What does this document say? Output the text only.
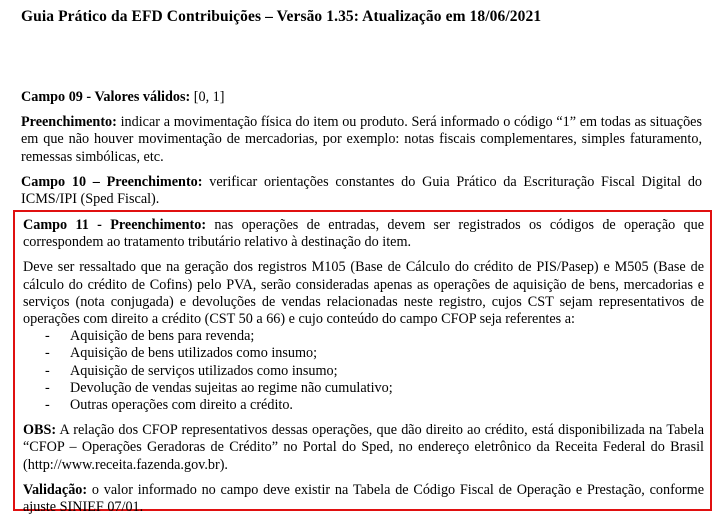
Guia Prático da EFD Contribuições – Versão 1.35: Atualização em 18/06/2021

Campo 09 - Valores válidos: [0, 1]

Preenchimento: indicar a movimentação física do item ou produto. Será informado o código “1” em todas as situações em que não houver movimentação de mercadorias, por exemplo: notas fiscais complementares, simples faturamento, remessas simbólicas, etc.

Campo 10 – Preenchimento: verificar orientações constantes do Guia Prático da Escrituração Fiscal Digital do ICMS/IPI (Sped Fiscal).

Campo 11 - Preenchimento: nas operações de entradas, devem ser registrados os códigos de operação que correspondem ao tratamento tributário relativo à destinação do item.

Deve ser ressaltado que na geração dos registros M105 (Base de Cálculo do crédito de PIS/Pasep) e M505 (Base de cálculo do crédito de Cofins) pelo PVA, serão consideradas apenas as operações de aquisição de bens, mercadorias e serviços (nota conjugada) e devoluções de vendas relacionadas neste registro, cujos CST sejam representativos de operações com direito a crédito (CST 50 a 66) e cujo conteúdo do campo CFOP seja referentes a:

- Aquisição de bens para revenda;
- Aquisição de bens utilizados como insumo;
- Aquisição de serviços utilizados como insumo;
- Devolução de vendas sujeitas ao regime não cumulativo;
- Outras operações com direito a crédito.

OBS: A relação dos CFOP representativos dessas operações, que dão direito ao crédito, está disponibilizada na Tabela “CFOP – Operações Geradoras de Crédito” no Portal do Sped, no endereço eletrônico da Receita Federal do Brasil (http://www.receita.fazenda.gov.br).

Validação: o valor informado no campo deve existir na Tabela de Código Fiscal de Operação e Prestação, conforme ajuste SINIEF 07/01.
